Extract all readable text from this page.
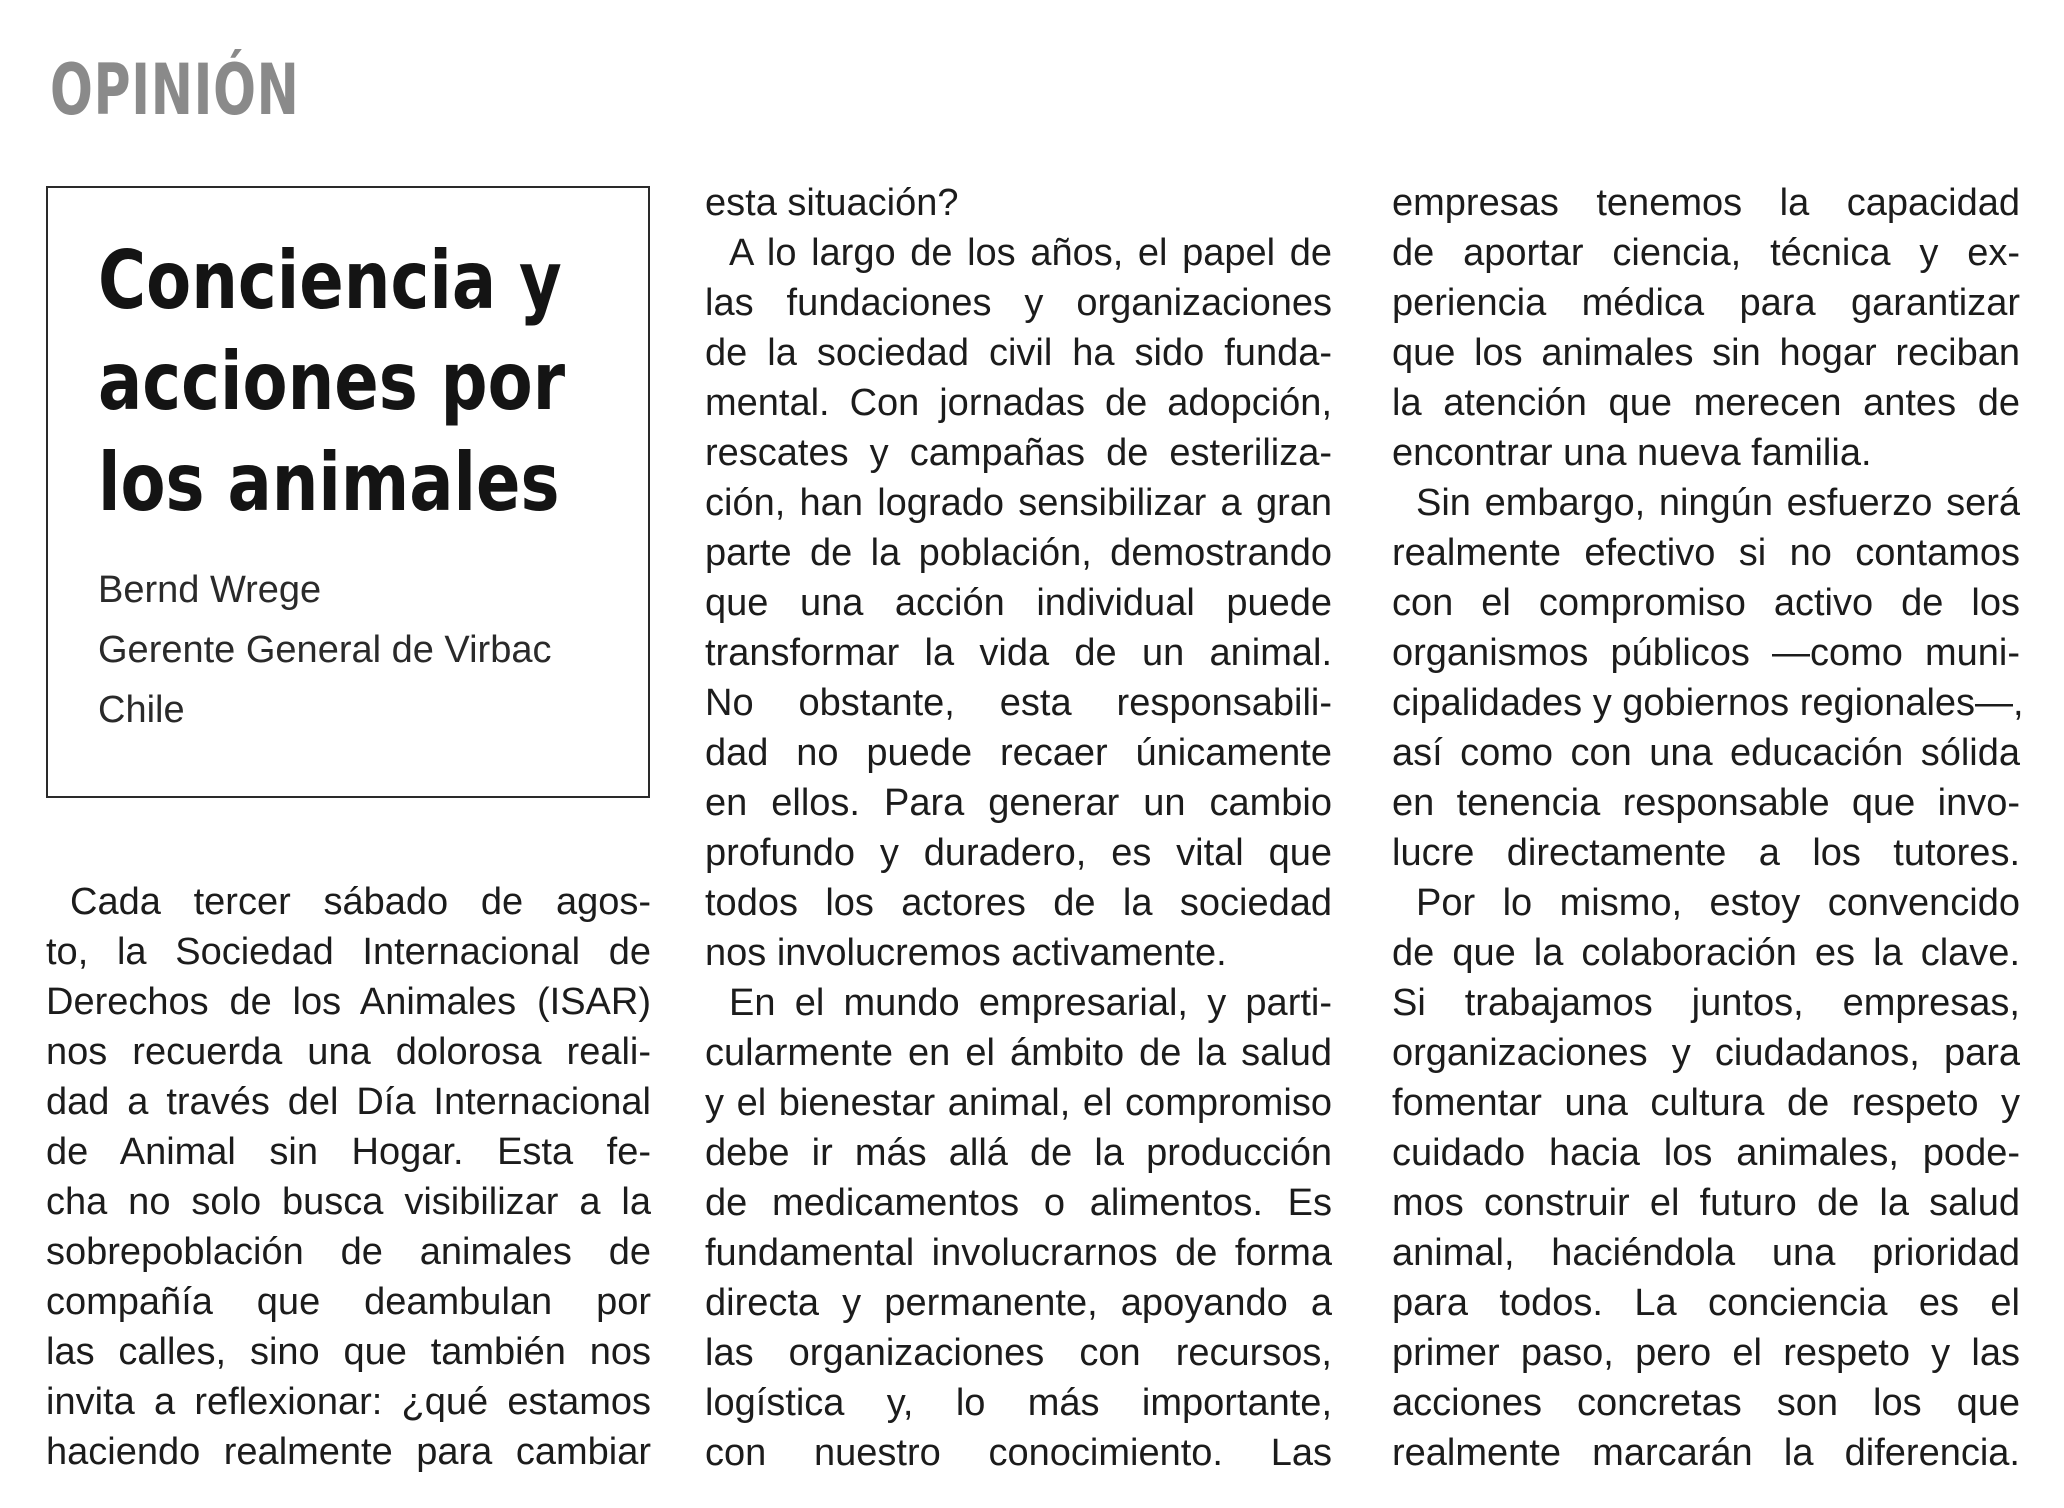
OPINIÓN
Conciencia y
acciones por
los animales
Bernd Wrege
Gerente General de Virbac
Chile
Cada tercer sábado de agos-
to, la Sociedad Internacional de
Derechos de los Animales (ISAR)
nos recuerda una dolorosa reali-
dad a través del Día Internacional
de Animal sin Hogar. Esta fe-
cha no solo busca visibilizar a la
sobrepoblación de animales de
compañía que deambulan por
las calles, sino que también nos
invita a reflexionar: ¿qué estamos
haciendo realmente para cambiar
esta situación?
A lo largo de los años, el papel de
las fundaciones y organizaciones
de la sociedad civil ha sido funda-
mental. Con jornadas de adopción,
rescates y campañas de esteriliza-
ción, han logrado sensibilizar a gran
parte de la población, demostrando
que una acción individual puede
transformar la vida de un animal.
No obstante, esta responsabili-
dad no puede recaer únicamente
en ellos. Para generar un cambio
profundo y duradero, es vital que
todos los actores de la sociedad
nos involucremos activamente.
En el mundo empresarial, y parti-
cularmente en el ámbito de la salud
y el bienestar animal, el compromiso
debe ir más allá de la producción
de medicamentos o alimentos. Es
fundamental involucrarnos de forma
directa y permanente, apoyando a
las organizaciones con recursos,
logística y, lo más importante,
con nuestro conocimiento. Las
empresas tenemos la capacidad
de aportar ciencia, técnica y ex-
periencia médica para garantizar
que los animales sin hogar reciban
la atención que merecen antes de
encontrar una nueva familia.
Sin embargo, ningún esfuerzo será
realmente efectivo si no contamos
con el compromiso activo de los
organismos públicos —como muni-
cipalidades y gobiernos regionales—,
así como con una educación sólida
en tenencia responsable que invo-
lucre directamente a los tutores.
Por lo mismo, estoy convencido
de que la colaboración es la clave.
Si trabajamos juntos, empresas,
organizaciones y ciudadanos, para
fomentar una cultura de respeto y
cuidado hacia los animales, pode-
mos construir el futuro de la salud
animal, haciéndola una prioridad
para todos. La conciencia es el
primer paso, pero el respeto y las
acciones concretas son los que
realmente marcarán la diferencia.
